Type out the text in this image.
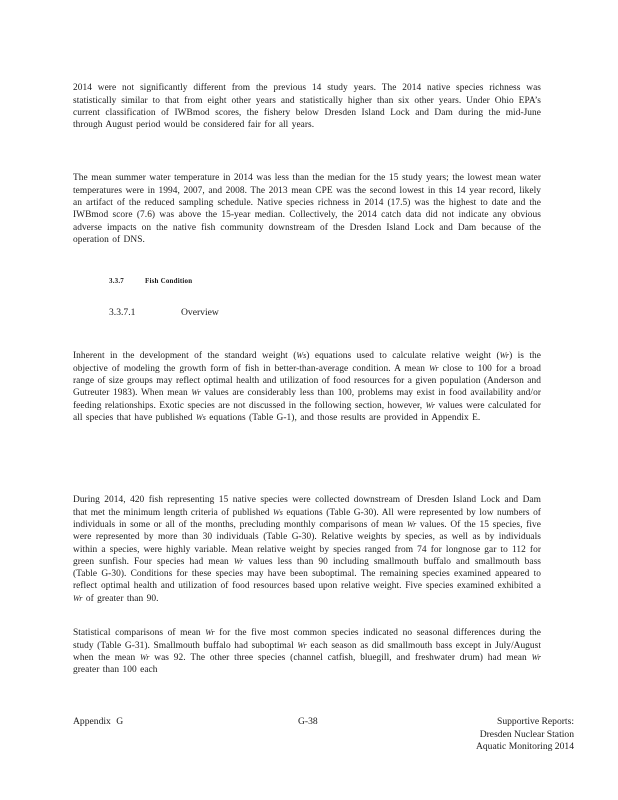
2014 were not significantly different from the previous 14 study years. The 2014 native species richness was statistically similar to that from eight other years and statistically higher than six other years. Under Ohio EPA’s current classification of IWBmod scores, the fishery below Dresden Island Lock and Dam during the mid-June through August period would be considered fair for all years.

The mean summer water temperature in 2014 was less than the median for the 15 study years; the lowest mean water temperatures were in 1994, 2007, and 2008. The 2013 mean CPE was the second lowest in this 14 year record, likely an artifact of the reduced sampling schedule. Native species richness in 2014 (17.5) was the highest to date and the IWBmod score (7.6) was above the 15-year median. Collectively, the 2014 catch data did not indicate any obvious adverse impacts on the native fish community downstream of the Dresden Island Lock and Dam because of the operation of DNS.

3.3.7	Fish Condition
3.3.7.1	Overview

Inherent in the development of the standard weight (Ws) equations used to calculate relative weight (Wr) is the objective of modeling the growth form of fish in better-than-average condition. A mean Wr close to 100 for a broad range of size groups may reflect optimal health and utilization of food resources for a given population (Anderson and Gutreuter 1983). When mean Wr values are considerably less than 100, problems may exist in food availability and/or feeding relationships. Exotic species are not discussed in the following section, however, Wr values were calculated for all species that have published Ws equations (Table G-1), and those results are provided in Appendix E.

During 2014, 420 fish representing 15 native species were collected downstream of Dresden Island Lock and Dam that met the minimum length criteria of published Ws equations (Table G-30). All were represented by low numbers of individuals in some or all of the months, precluding monthly comparisons of mean Wr values. Of the 15 species, five were represented by more than 30 individuals (Table G-30). Relative weights by species, as well as by individuals within a species, were highly variable. Mean relative weight by species ranged from 74 for longnose gar to 112 for green sunfish. Four species had mean Wr values less than 90 including smallmouth buffalo and smallmouth bass (Table G-30). Conditions for these species may have been suboptimal. The remaining species examined appeared to reflect optimal health and utilization of food resources based upon relative weight. Five species examined exhibited a Wr of greater than 90.

Statistical comparisons of mean Wr for the five most common species indicated no seasonal differences during the study (Table G-31). Smallmouth buffalo had suboptimal Wr each season as did smallmouth bass except in July/August when the mean Wr was 92. The other three species (channel catfish, bluegill, and freshwater drum) had mean Wr greater than 100 each

Appendix G	G-38	Supportive Reports:
Dresden Nuclear Station
Aquatic Monitoring 2014
